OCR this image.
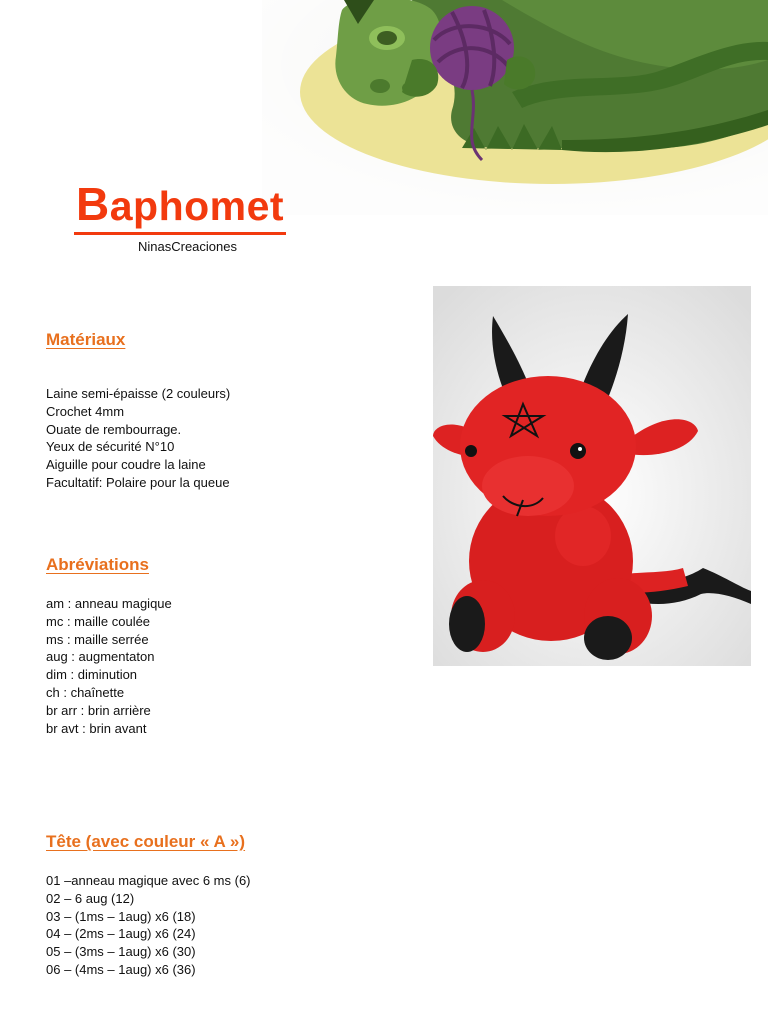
Baphomet
NinasCreaciones
Matériaux
Laine semi-épaisse (2 couleurs)
Crochet 4mm
Ouate de rembourrage.
Yeux de sécurité N°10
Aiguille pour coudre la laine
Facultatif: Polaire pour la queue
Abréviations
am : anneau magique
mc : maille coulée
ms : maille serrée
aug : augmentaton
dim : diminution
ch : chaînette
br arr : brin arrière
br avt : brin avant
Tête (avec couleur « A »)
01 –anneau magique avec 6 ms (6)
02 – 6 aug (12)
03 – (1ms – 1aug) x6 (18)
04 – (2ms – 1aug) x6 (24)
05 – (3ms – 1aug) x6 (30)
06 – (4ms – 1aug) x6 (36)
